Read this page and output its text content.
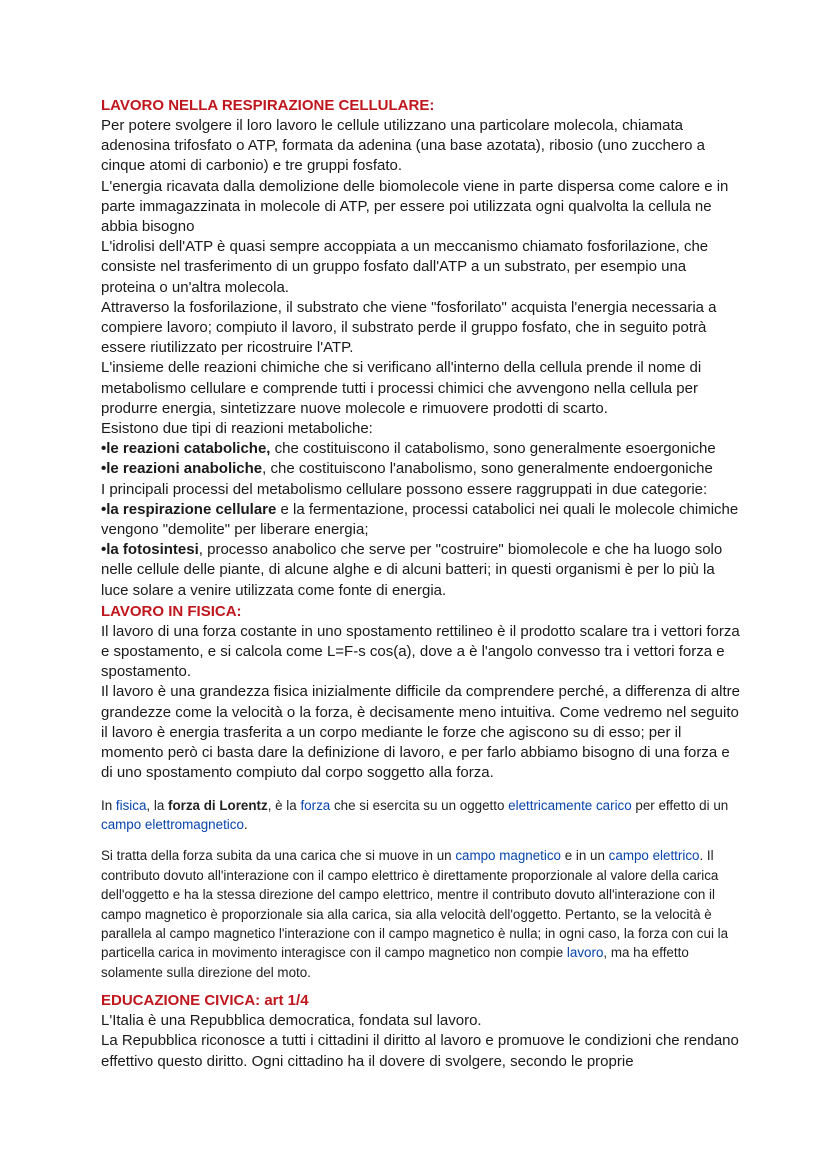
LAVORO NELLA RESPIRAZIONE CELLULARE:
Per potere svolgere il loro lavoro le cellule utilizzano una particolare molecola, chiamata adenosina trifosfato o ATP, formata da adenina (una base azotata), ribosio (uno zucchero a cinque atomi di carbonio) e tre gruppi fosfato.
L'energia ricavata dalla demolizione delle biomolecole viene in parte dispersa come calore e in parte immagazzinata in molecole di ATP, per essere poi utilizzata ogni qualvolta la cellula ne abbia bisogno
L'idrolisi dell'ATP è quasi sempre accoppiata a un meccanismo chiamato fosforilazione, che consiste nel trasferimento di un gruppo fosfato dall'ATP a un substrato, per esempio una proteina o un'altra molecola.
Attraverso la fosforilazione, il substrato che viene "fosforilato" acquista l'energia necessaria a compiere lavoro; compiuto il lavoro, il substrato perde il gruppo fosfato, che in seguito potrà essere riutilizzato per ricostruire l'ATP.
L'insieme delle reazioni chimiche che si verificano all'interno della cellula prende il nome di metabolismo cellulare e comprende tutti i processi chimici che avvengono nella cellula per produrre energia, sintetizzare nuove molecole e rimuovere prodotti di scarto.
Esistono due tipi di reazioni metaboliche:
•le reazioni cataboliche, che costituiscono il catabolismo, sono generalmente esoergoniche
•le reazioni anaboliche, che costituiscono l'anabolismo, sono generalmente endoergoniche
I principali processi del metabolismo cellulare possono essere raggruppati in due categorie:
•la respirazione cellulare e la fermentazione, processi catabolici nei quali le molecole chimiche vengono "demolite" per liberare energia;
•la fotosintesi, processo anabolico che serve per "costruire" biomolecole e che ha luogo solo nelle cellule delle piante, di alcune alghe e di alcuni batteri; in questi organismi è per lo più la luce solare a venire utilizzata come fonte di energia.
LAVORO IN FISICA:
Il lavoro di una forza costante in uno spostamento rettilineo è il prodotto scalare tra i vettori forza e spostamento, e si calcola come L=F-s cos(a), dove a è l'angolo convesso tra i vettori forza e spostamento.
Il lavoro è una grandezza fisica inizialmente difficile da comprendere perché, a differenza di altre grandezze come la velocità o la forza, è decisamente meno intuitiva. Come vedremo nel seguito il lavoro è energia trasferita a un corpo mediante le forze che agiscono su di esso; per il momento però ci basta dare la definizione di lavoro, e per farlo abbiamo bisogno di una forza e di uno spostamento compiuto dal corpo soggetto alla forza.
In fisica, la forza di Lorentz, è la forza che si esercita su un oggetto elettricamente carico per effetto di un campo elettromagnetico.
Si tratta della forza subita da una carica che si muove in un campo magnetico e in un campo elettrico. Il contributo dovuto all'interazione con il campo elettrico è direttamente proporzionale al valore della carica dell'oggetto e ha la stessa direzione del campo elettrico, mentre il contributo dovuto all'interazione con il campo magnetico è proporzionale sia alla carica, sia alla velocità dell'oggetto. Pertanto, se la velocità è parallela al campo magnetico l'interazione con il campo magnetico è nulla; in ogni caso, la forza con cui la particella carica in movimento interagisce con il campo magnetico non compie lavoro, ma ha effetto solamente sulla direzione del moto.
EDUCAZIONE CIVICA: art 1/4
L'Italia è una Repubblica democratica, fondata sul lavoro.
La Repubblica riconosce a tutti i cittadini il diritto al lavoro e promuove le condizioni che rendano effettivo questo diritto. Ogni cittadino ha il dovere di svolgere, secondo le proprie
